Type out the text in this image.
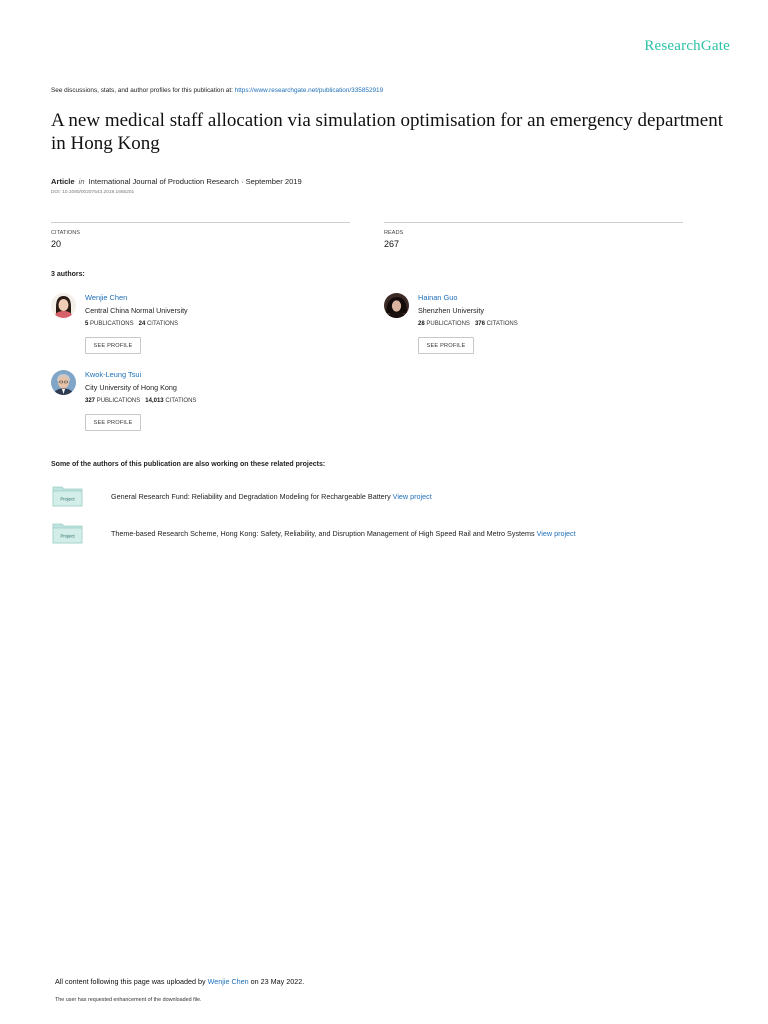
ResearchGate
See discussions, stats, and author profiles for this publication at: https://www.researchgate.net/publication/335852919
A new medical staff allocation via simulation optimisation for an emergency department in Hong Kong
Article in International Journal of Production Research · September 2019
DOI: 10.1080/00207543.2019.1665201
CITATIONS
20
READS
267
3 authors:
Wenjie Chen
Central China Normal University
5 PUBLICATIONS 24 CITATIONS
SEE PROFILE
Hainan Guo
Shenzhen University
28 PUBLICATIONS 376 CITATIONS
SEE PROFILE
Kwok-Leung Tsui
City University of Hong Kong
327 PUBLICATIONS 14,013 CITATIONS
SEE PROFILE
Some of the authors of this publication are also working on these related projects:
Project	General Research Fund: Reliability and Degradation Modeling for Rechargeable Battery View project
Project	Theme-based Research Scheme, Hong Kong: Safety, Reliability, and Disruption Management of High Speed Rail and Metro Systems View project
All content following this page was uploaded by Wenjie Chen on 23 May 2022.
The user has requested enhancement of the downloaded file.
